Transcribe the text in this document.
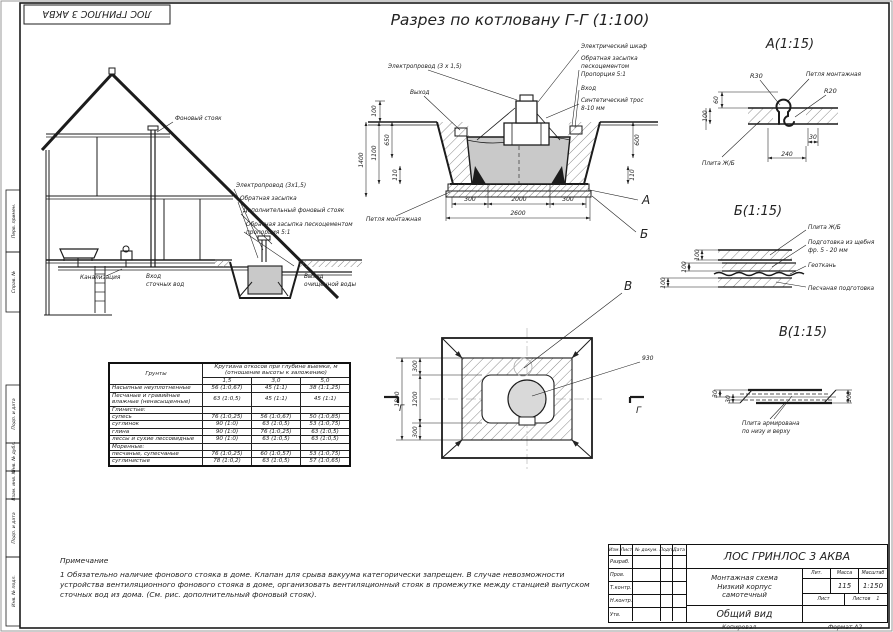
ЛОС ГРИНЛОС 3 АКВА
Перв. примен.
Справ. №
Подп. и дата
Инв. № дубл.
Взам. инв. №
Подп. и дата
Инв. № подл.
Разрез по котловану Г-Г (1:100)
Фоновый стояк
Электропровод (3х1,5)
Обратная засыпка
Дополнительный фоновый стояк
Обратная засыпка пескоцементом
пропорция 5:1
Канализация	Вход
сточных вод
Выход
очищенной воды
Электропровод (3 х 1,5)
Электрический шкаф
Обратная засыпка
пескоцементом
Пропорция 5:1
Вход
Синтетический трос
8-10 мм
Выход
Петля монтажная
100
650
1100
1400
110
600
110
300	2000	300
2600
А
Б
300
1200
300
1800
930
В
Г	Г
А(1:15)
R30
R20
Петля монтажная
Плита Ж/Б
60
100
30
240
Б(1:15)
Плита Ж/Б
Подготовка из щебня
фр. 5 - 20 мм
Геоткань
Песчаная подготовка
100
100
100
В(1:15)
30
30	100
Плита армирована
по низу и верху
Грунты	Крутизна откосов при глубине выемки, м (отношение высоты к заложению)		
	1,5	3,0	5,0
Насыпные неуплотненные	56 (1:0,67)	45 (1:1)	38 (1:1,25)
Песчаные и гравийные влажные (ненасыщенные)	63 (1:0,5)	45 (1:1)	45 (1:1)
Глинистые:			
супесь	76 (1:0,25)	56 (1:0,67)	50 (1:0,85)
суглинок	90 (1:0)	63 (1:0,5)	53 (1:0,75)
глина	90 (1:0)	76 (1:0,25)	63 (1:0,5)
лессы и сухие лессовидные	90 (1:0)	63 (1:0,5)	63 (1:0,5)
Моренные:			
песчаные, супесчаные	76 (1:0,25)	60 (1:0,57)	53 (1:0,75)
суглинистые	78 (1:0,2)	63 (1:0,5)	57 (1:0,65)
Примечание
1 Обязательно наличие фонового стояка в доме. Клапан для срыва вакуума категорически запрещен. В случае невозможности
устройства вентиляционного фонового стояка в доме, организовать вентиляционный стояк в промежутке между станцией выпуском
сточных вод из дома. (См. рис. дополнительный фоновый стояк).
Изм. Лист № докум. Подп. Дата
Разраб.
Пров.
Т.контр.
Н.контр.
Утв.
ЛОС ГРИНЛОС 3 АКВА
Монтажная схема
Низкий корпус
самотечный
Лит.	Масса	Масштаб
115	1:150
Лист	Листов 1
Общий вид
Копировал	Формат А2
